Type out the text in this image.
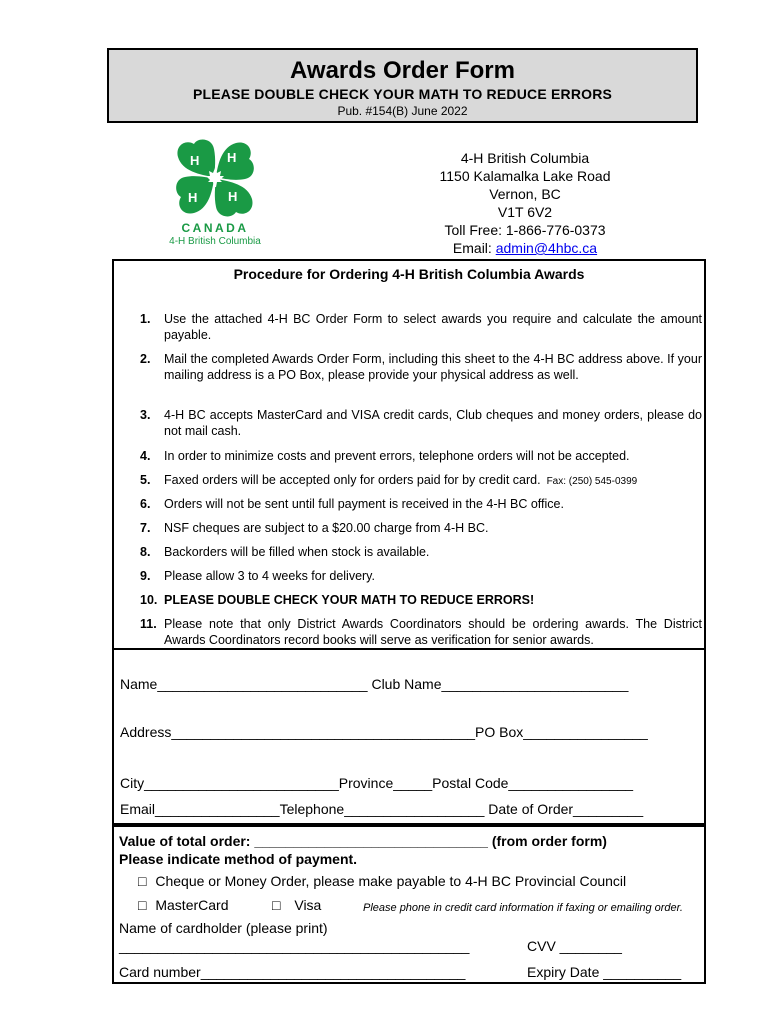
Awards Order Form
PLEASE DOUBLE CHECK YOUR MATH TO REDUCE ERRORS
Pub. #154(B) June 2022
H H
H H
CANADA
4-H British Columbia
4-H British Columbia
1150 Kalamalka Lake Road
Vernon, BC
V1T 6V2
Toll Free: 1-866-776-0373
Email: admin@4hbc.ca
Procedure for Ordering 4-H British Columbia Awards
1.	Use the attached 4-H BC Order Form to select awards you require and calculate the amount payable.
2.	Mail the completed Awards Order Form, including this sheet to the 4-H BC address above. If your mailing address is a PO Box, please provide your physical address as well.
3.	4-H BC accepts MasterCard and VISA credit cards, Club cheques and money orders, please do not mail cash.
4.	In order to minimize costs and prevent errors, telephone orders will not be accepted.
5.	Faxed orders will be accepted only for orders paid for by credit card. Fax: (250) 545-0399
6.	Orders will not be sent until full payment is received in the 4-H BC office.
7.	NSF cheques are subject to a $20.00 charge from 4-H BC.
8.	Backorders will be filled when stock is available.
9.	Please allow 3 to 4 weeks for delivery.
10. PLEASE DOUBLE CHECK YOUR MATH TO REDUCE ERRORS!
11. Please note that only District Awards Coordinators should be ordering awards. The District Awards Coordinators record books will serve as verification for senior awards.
Name___________________________ Club Name________________________
Address_______________________________________PO Box________________
City_________________________Province_____Postal Code________________
Email________________Telephone__________________ Date of Order_________
Value of total order: ______________________________ (from order form)
Please indicate method of payment.
□ Cheque or Money Order, please make payable to 4-H BC Provincial Council
□ MasterCard	□ Visa	Please phone in credit card information if faxing or emailing order.
Name of cardholder (please print)
_____________________________________________	CVV ________
Card number__________________________________	Expiry Date __________
